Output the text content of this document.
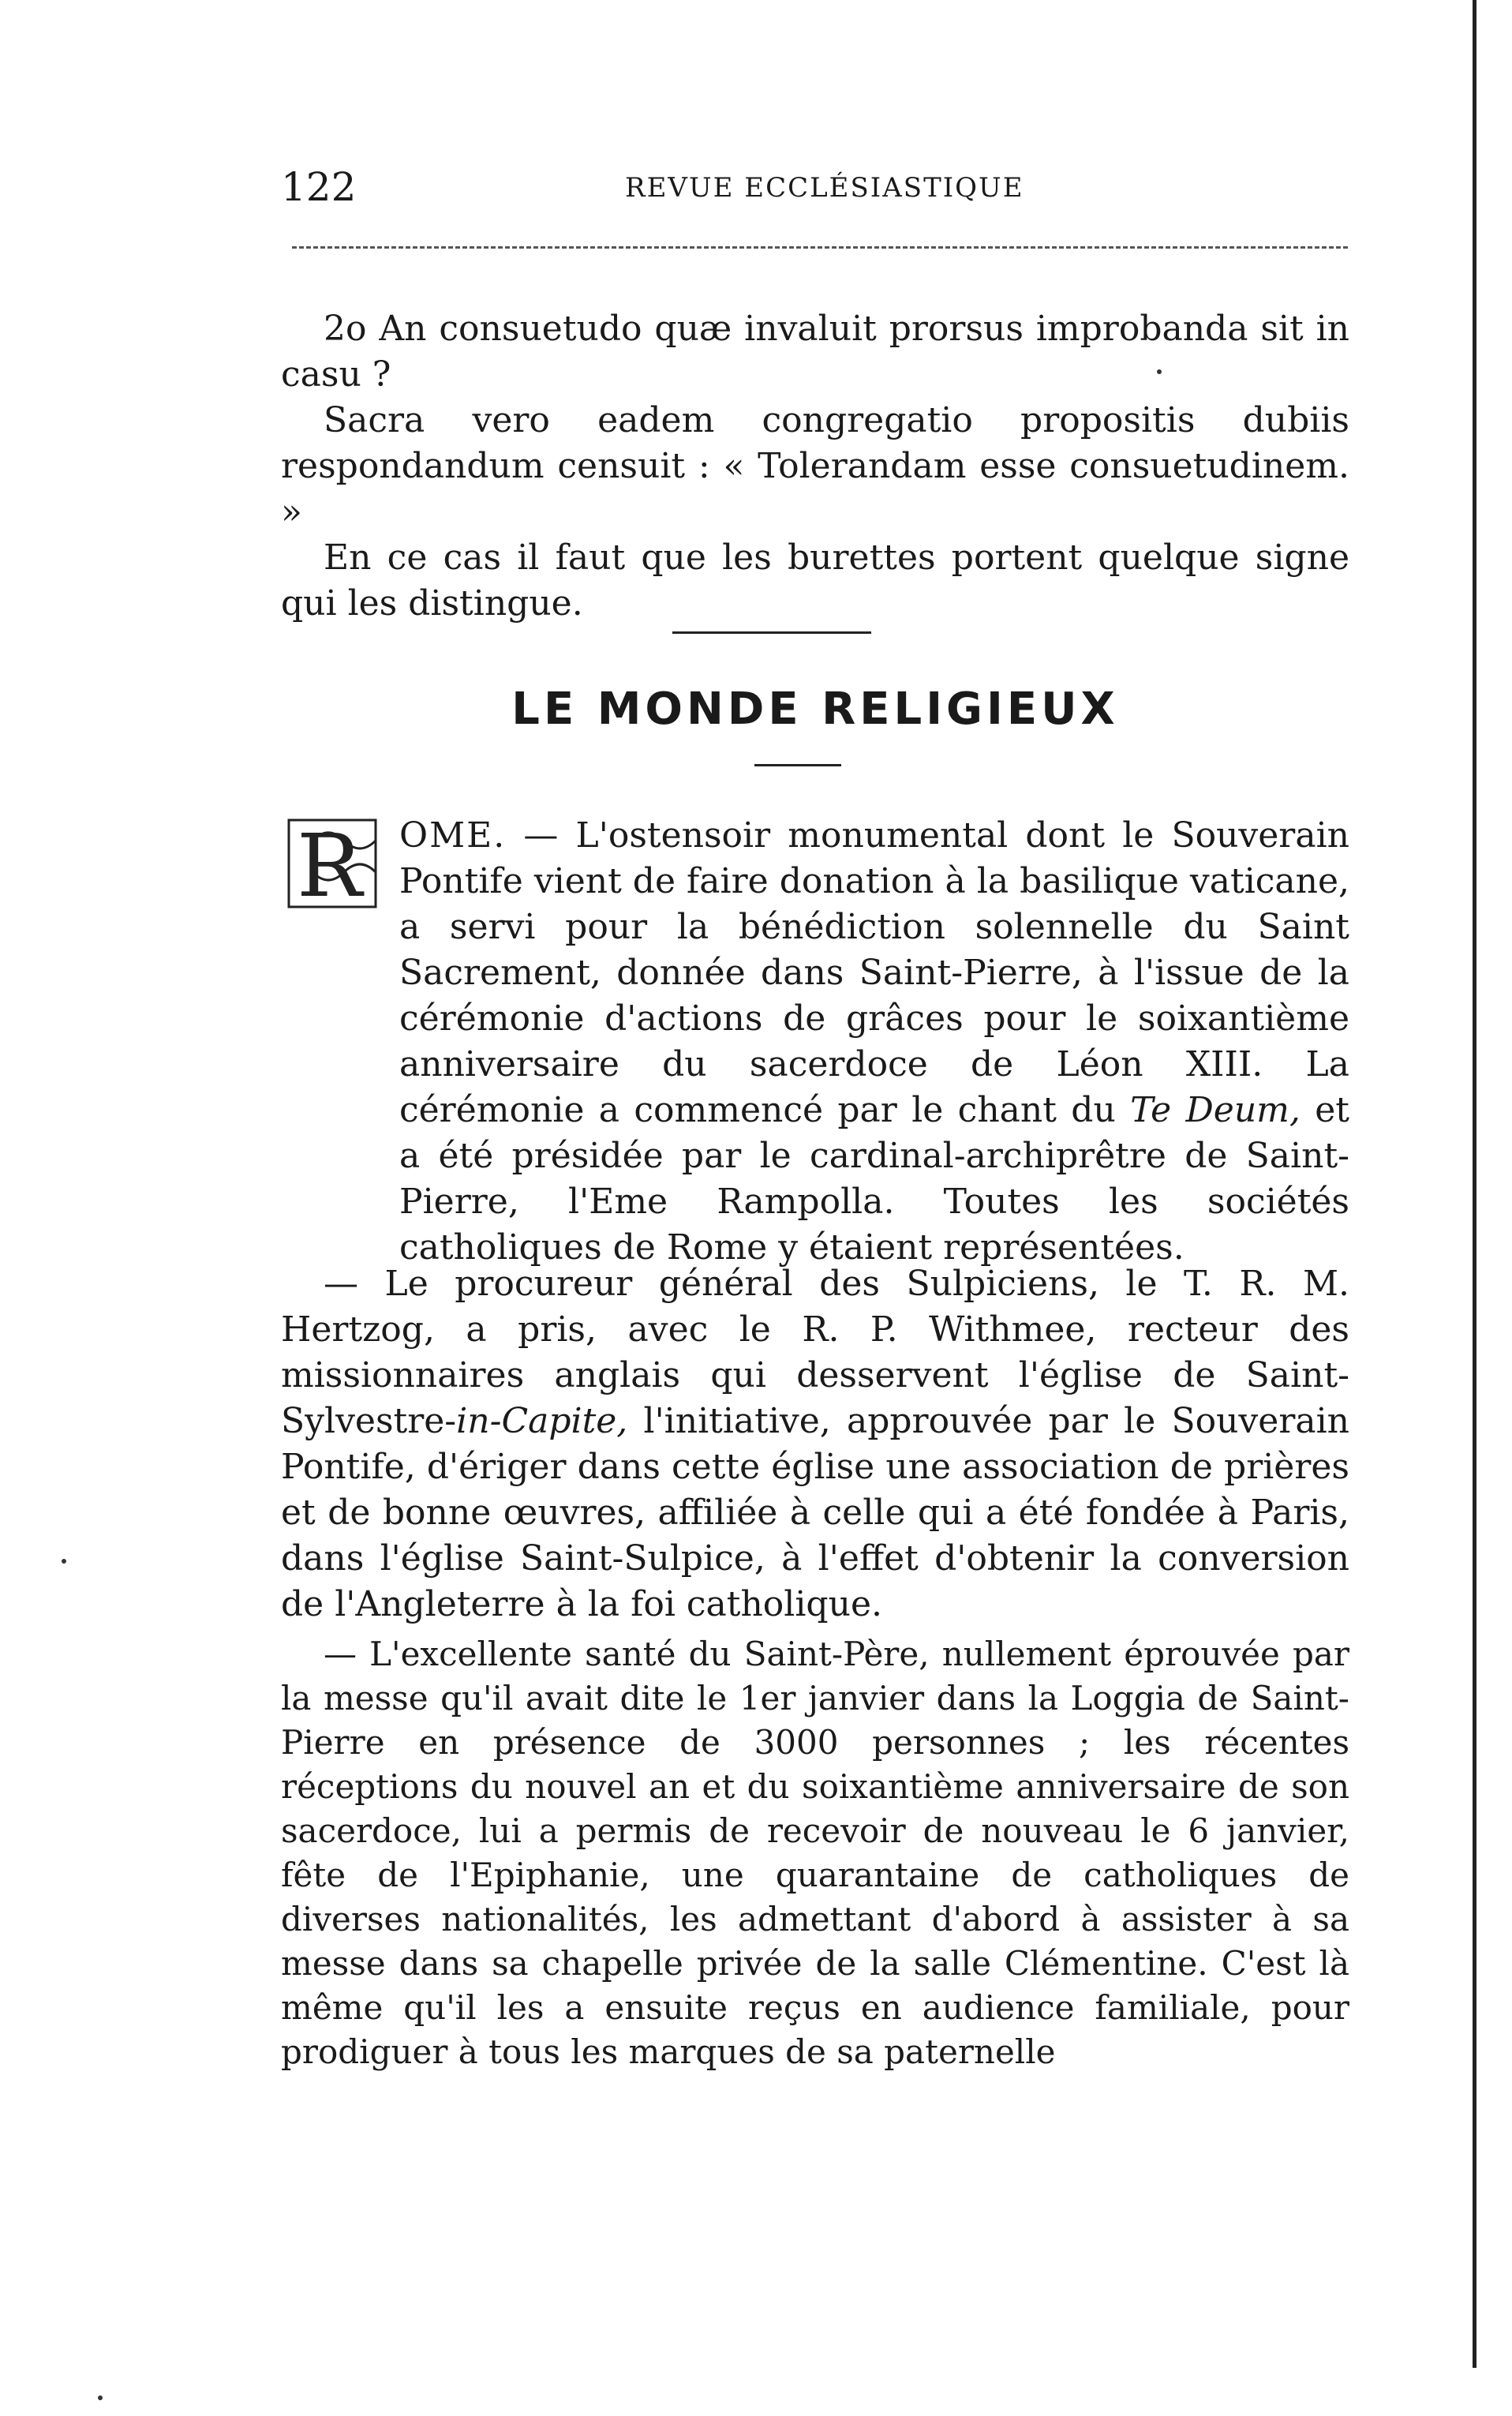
122	REVUE ECCLÉSIASTIQUE

2o An consuetudo quæ invaluit prorsus improbanda sit in casu ?

Sacra vero eadem congregatio propositis dubiis respondandum censuit : « Tolerandam esse consuetudinem. »

En ce cas il faut que les burettes portent quelque signe qui les distingue.

LE MONDE RELIGIEUX
R OME. — L'ostensoir monumental dont le Souverain Pontife vient de faire donation à la basilique vaticane, a servi pour la bénédiction solennelle du Saint Sacrement, donnée dans Saint-Pierre, à l'issue de la cérémonie d'actions de grâces pour le soixantième anniversaire du sacerdoce de Léon XIII. La cérémonie a commencé par le chant du Te Deum, et a été présidée par le cardinal-archiprêtre de Saint-Pierre, l'Eme Rampolla. Toutes les sociétés catholiques de Rome y étaient représentées.

— Le procureur général des Sulpiciens, le T. R. M. Hertzog, a pris, avec le R. P. Withmee, recteur des missionnaires anglais qui desservent l'église de Saint-Sylvestre-in-Capite, l'initiative, approuvée par le Souverain Pontife, d'ériger dans cette église une association de prières et de bonne œuvres, affiliée à celle qui a été fondée à Paris, dans l'église Saint-Sulpice, à l'effet d'obtenir la conversion de l'Angleterre à la foi catholique.

— L'excellente santé du Saint-Père, nullement éprouvée par la messe qu'il avait dite le 1er janvier dans la Loggia de Saint-Pierre en présence de 3000 personnes ; les récentes réceptions du nouvel an et du soixantième anniversaire de son sacerdoce, lui a permis de recevoir de nouveau le 6 janvier, fête de l'Epiphanie, une quarantaine de catholiques de diverses nationalités, les admettant d'abord à assister à sa messe dans sa chapelle privée de la salle Clémentine. C'est là même qu'il les a ensuite reçus en audience familiale, pour prodiguer à tous les marques de sa paternelle
